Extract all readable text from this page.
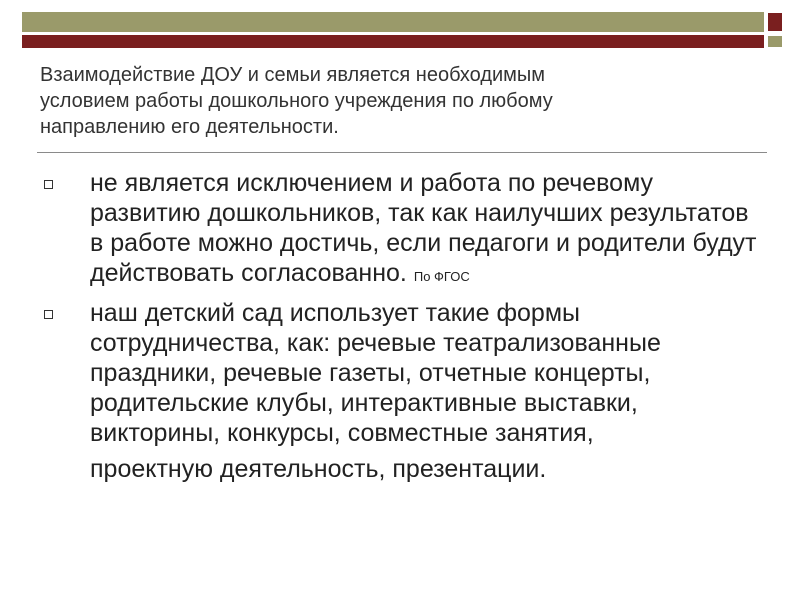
Взаимодействие ДОУ и семьи является необходимым
условием работы дошкольного учреждения по любому
направлению его деятельности.
не является исключением и работа по речевому развитию дошкольников, так как наилучших результатов в работе можно достичь, если педагоги и родители будут действовать согласованно. По ФГОС
наш детский сад использует такие формы сотрудничества, как: речевые театрализованные праздники, речевые газеты, отчетные концерты, родительские клубы, интерактивные выставки, викторины, конкурсы, совместные занятия,
проектную деятельность, презентации.
